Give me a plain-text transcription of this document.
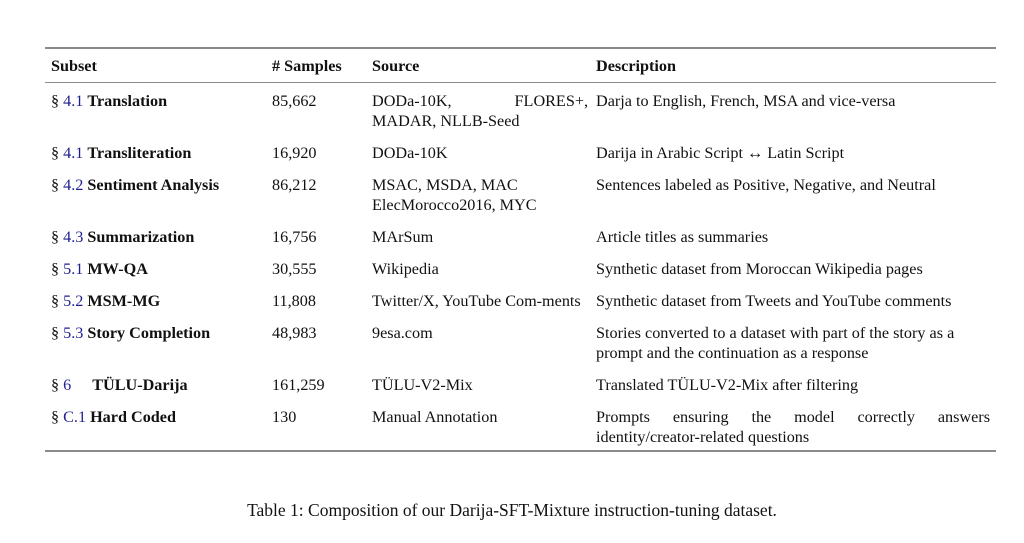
Subset	# Samples	Source	Description
§ 4.1 Translation	85,662	DODa-10K, FLORES+, MADAR, NLLB-Seed	Darja to English, French, MSA and vice-versa
§ 4.1 Transliteration	16,920	DODa-10K	Darija in Arabic Script ↔ Latin Script
§ 4.2 Sentiment Analysis	86,212	MSAC, MSDA, MAC ElecMorocco2016, MYC	Sentences labeled as Positive, Negative, and Neutral
§ 4.3 Summarization	16,756	MArSum	Article titles as summaries
§ 5.1 MW-QA	30,555	Wikipedia	Synthetic dataset from Moroccan Wikipedia pages
§ 5.2 MSM-MG	11,808	Twitter/X, YouTube Com-ments	Synthetic dataset from Tweets and YouTube comments
§ 5.3 Story Completion	48,983	9esa.com	Stories converted to a dataset with part of the story as a prompt and the continuation as a response
§ 6 TÜLU-Darija	161,259	TÜLU-V2-Mix	Translated TÜLU-V2-Mix after filtering
§ C.1 Hard Coded	130	Manual Annotation	Prompts ensuring the model correctly answers identity/creator-related questions
Table 1: Composition of our Darija-SFT-Mixture instruction-tuning dataset.
